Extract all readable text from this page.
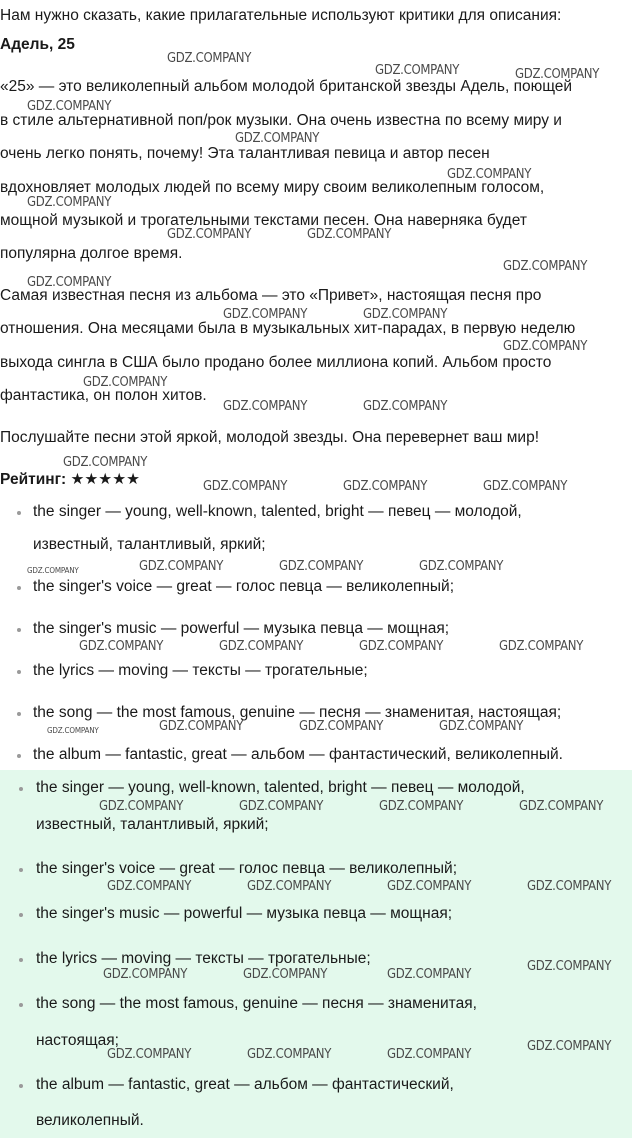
Нам нужно сказать, какие прилагательные используют критики для описания:

Адель, 25

«25» — это великолепный альбом молодой британской звезды Адель, поющей

в стиле альтернативной поп/рок музыки. Она очень известна по всему миру и

очень легко понять, почему! Эта талантливая певица и автор песен

вдохновляет молодых людей по всему миру своим великолепным голосом,

мощной музыкой и трогательными текстами песен. Она наверняка будет

популярна долгое время.

Самая известная песня из альбома — это «Привет», настоящая песня про

отношения. Она месяцами была в музыкальных хит-парадах, в первую неделю

выхода сингла в США было продано более миллиона копий. Альбом просто

фантастика, он полон хитов.

Послушайте песни этой яркой, молодой звезды. Она перевернет ваш мир!

Рейтинг: ★★★★★

the singer — young, well-known, talented, bright — певец — молодой,
известный, талантливый, яркий;
the singer's voice — great — голос певца — великолепный;
the singer's music — powerful — музыка певца — мощная;
the lyrics — moving — тексты — трогательные;
the song — the most famous, genuine — песня — знаменитая, настоящая;
the album — fantastic, great — альбом — фантастический, великолепный.
the singer — young, well-known, talented, bright — певец — молодой,
известный, талантливый, яркий;
the singer's voice — great — голос певца — великолепный;
the singer's music — powerful — музыка певца — мощная;
the lyrics — moving — тексты — трогательные;
the song — the most famous, genuine — песня — знаменитая,
настоящая;
the album — fantastic, great — альбом — фантастический,
великолепный.
GDZ.COMPANY
GDZ.COMPANY	GDZ.COMPANY
GDZ.COMPANY
GDZ.COMPANY
GDZ.COMPANY
GDZ.COMPANY
GDZ.COMPANY	GDZ.COMPANY
GDZ.COMPANY
GDZ.COMPANY
GDZ.COMPANY	GDZ.COMPANY
GDZ.COMPANY
GDZ.COMPANY
GDZ.COMPANY	GDZ.COMPANY
GDZ.COMPANY
GDZ.COMPANY	GDZ.COMPANY	GDZ.COMPANY
GDZ.COMPANY	GDZ.COMPANY	GDZ.COMPANY	GDZ.COMPANY
GDZ.COMPANY	GDZ.COMPANY	GDZ.COMPANY	GDZ.COMPANY
GDZ.COMPANY	GDZ.COMPANY	GDZ.COMPANY	GDZ.COMPANY
GDZ.COMPANY	GDZ.COMPANY	GDZ.COMPANY	GDZ.COMPANY
GDZ.COMPANY	GDZ.COMPANY	GDZ.COMPANY	GDZ.COMPANY
GDZ.COMPANY	GDZ.COMPANY	GDZ.COMPANY
GDZ.COMPANY
GDZ.COMPANY	GDZ.COMPANY	GDZ.COMPANY
GDZ.COMPANY
